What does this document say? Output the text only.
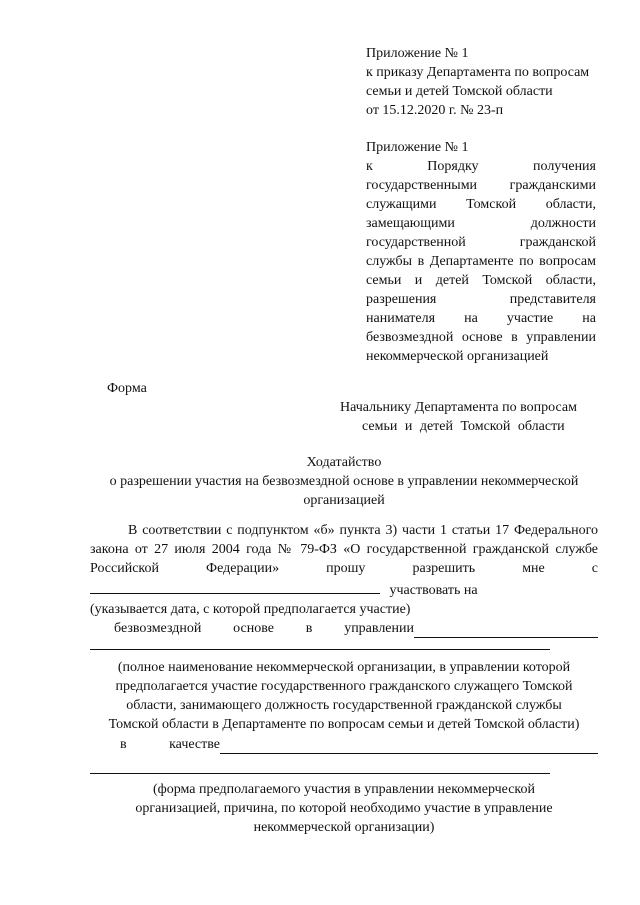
Приложение № 1
к приказу Департамента по вопросам
семьи и детей Томской области
от 15.12.2020 г. № 23-п
Приложение № 1
к Порядку получения
государственными гражданскими
служащими Томской области,
замещающими должности
государственной гражданской
службы в Департаменте по вопросам
семьи и детей Томской области,
разрешения представителя
нанимателя на участие на
безвозмездной основе в управлении
некоммерческой организацией
Форма
Начальнику Департамента по вопросам
семьи и детей Томской области
Ходатайство
о разрешении участия на безвозмездной основе в управлении некоммерческой
организацией
В соответствии с подпунктом «б» пункта 3) части 1 статьи 17 Федерального
закона от 27 июля 2004 года № 79-ФЗ «О государственной гражданской службе
Российской Федерации» прошу разрешить мне с
участвовать на
(указывается дата, с которой предполагается участие)
безвозмездной основе в управлении
(полное наименование некоммерческой организации, в управлении которой предполагается участие государственного гражданского служащего Томской области, занимающего должность государственной гражданской службы Томской области в Департаменте по вопросам семьи и детей Томской области)
в качестве
(форма предполагаемого участия в управлении некоммерческой организацией, причина, по которой необходимо участие в управление некоммерческой организации)
